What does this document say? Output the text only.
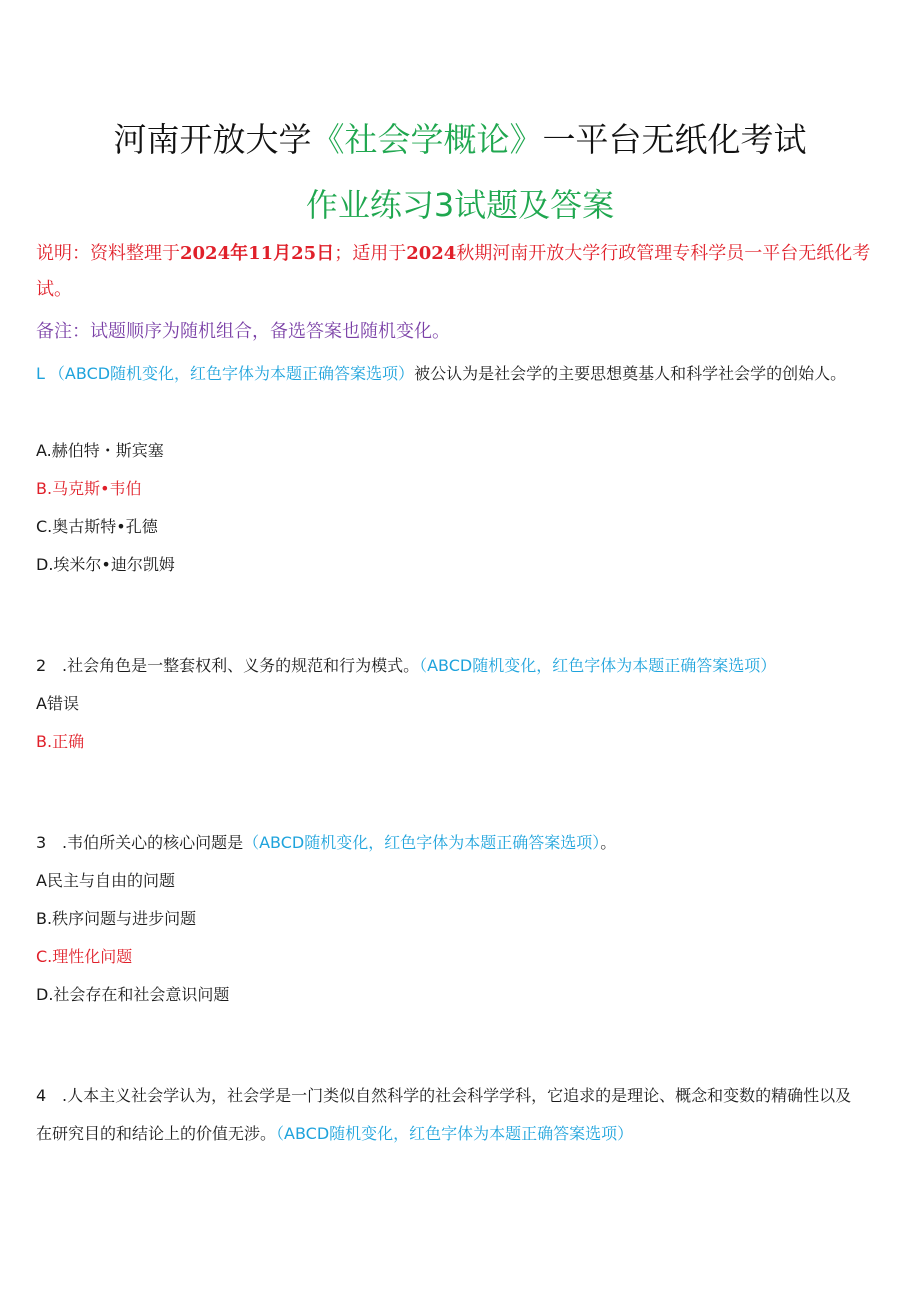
河南开放大学《社会学概论》一平台无纸化考试
作业练习3试题及答案
说明：资料整理于2024年11月25日；适用于2024秋期河南开放大学行政管理专科学员一平台无纸化考试。
备注：试题顺序为随机组合，备选答案也随机变化。
L （ABCD随机变化，红色字体为本题正确答案选项）被公认为是社会学的主要思想奠基人和科学社会学的创始人。
A.赫伯特・斯宾塞
B.马克斯•韦伯
C.奥古斯特•孔德
D.埃米尔•迪尔凯姆
2 .社会角色是一整套权利、义务的规范和行为模式。（ABCD随机变化，红色字体为本题正确答案选项）
A错误
B.正确
3 .韦伯所关心的核心问题是（ABCD随机变化，红色字体为本题正确答案选项）。
A民主与自由的问题
B.秩序问题与进步问题
C.理性化问题
D.社会存在和社会意识问题
4 .人本主义社会学认为，社会学是一门类似自然科学的社会科学学科，它追求的是理论、概念和变数的精确性以及在研究目的和结论上的价值无涉。（ABCD随机变化，红色字体为本题正确答案选项）
